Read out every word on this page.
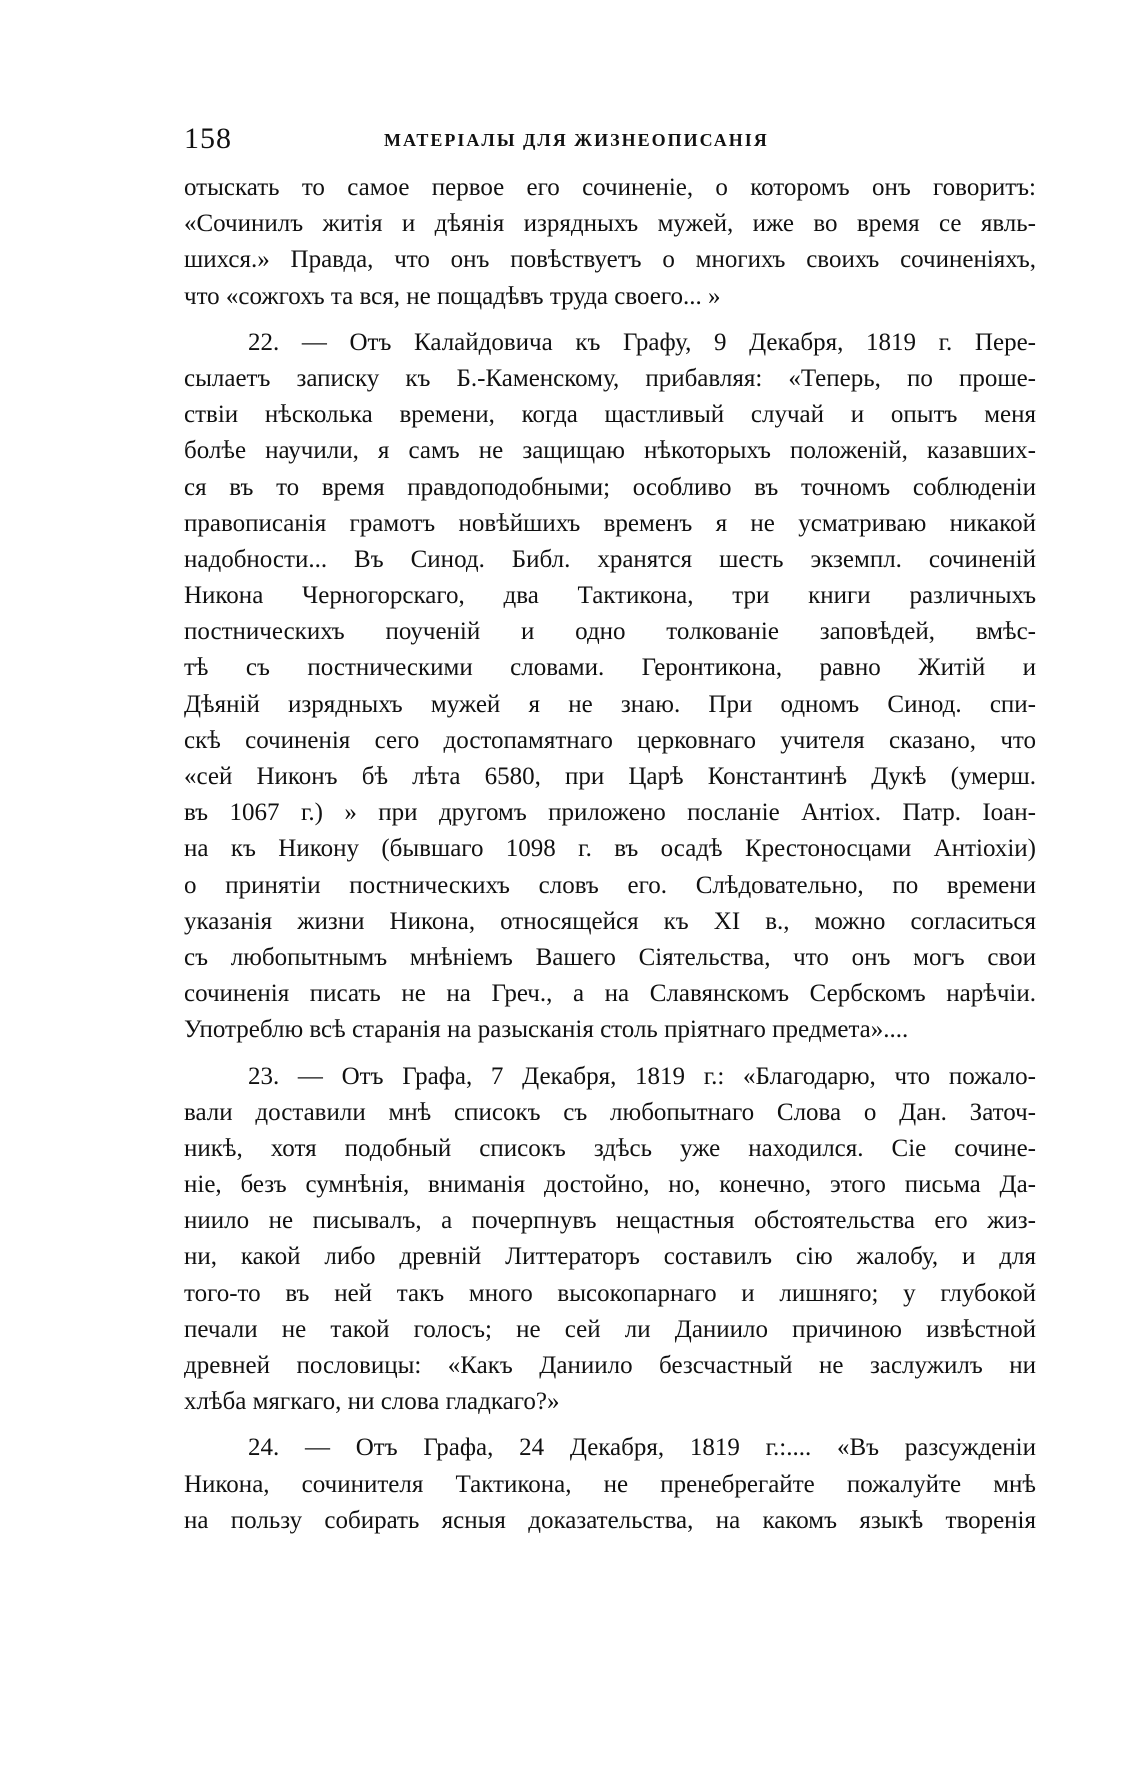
158	МАТЕРІАЛЫ ДЛЯ ЖИЗНЕОПИСАНІЯ
отыскать то самое первое его сочиненіе, о которомъ онъ говоритъ:
«Сочинилъ житія и дѣянія изрядныхъ мужей, иже во время се явль-
шихся.» Правда, что онъ повѣствуетъ о многихъ своихъ сочиненіяхъ,
что «сожгохъ та вся, не пощадѣвъ труда своего... »
22. — Отъ Калайдовича къ Графу, 9 Декабря, 1819 г. Пере-
сылаетъ записку къ Б.-Каменскому, прибавляя: «Теперь, по проше-
ствіи нѣсколька времени, когда щастливый случай и опытъ меня
болѣе научили, я самъ не защищаю нѣкоторыхъ положеній, казавших-
ся въ то время правдоподобными; особливо въ точномъ соблюденіи
правописанія грамотъ новѣйшихъ временъ я не усматриваю никакой
надобности... Въ Синод. Библ. хранятся шесть экземпл. сочиненій
Никона Черногорскаго, два Тактикона, три книги различныхъ
постническихъ поученій и одно толкованіе заповѣдей, вмѣс-
тѣ съ постническими словами. Геронтикона, равно Житій и
Дѣяній изрядныхъ мужей я не знаю. При одномъ Синод. спи-
скѣ сочиненія сего достопамятнаго церковнаго учителя сказано, что
«сей Никонъ бѣ лѣта 6580, при Царѣ Константинѣ Дукѣ (умерш.
въ 1067 г.) » при другомъ приложено посланіе Антіох. Патр. Іоан-
на къ Никону (бывшаго 1098 г. въ осадѣ Крестоносцами Антіохіи)
о принятіи постническихъ словъ его. Слѣдовательно, по времени
указанія жизни Никона, относящейся къ XI в., можно согласиться
съ любопытнымъ мнѣніемъ Вашего Сіятельства, что онъ могъ свои
сочиненія писать не на Греч., а на Славянскомъ Сербскомъ нарѣчіи.
Употреблю всѣ старанія на разысканія столь пріятнаго предмета»....
23. — Отъ Графа, 7 Декабря, 1819 г.: «Благодарю, что пожало-
вали доставили мнѣ списокъ съ любопытнаго Слова о Дан. Заточ-
никѣ, хотя подобный списокъ здѣсь уже находился. Сіе сочине-
ніе, безъ сумнѣнія, вниманія достойно, но, конечно, этого письма Да-
ниило не писывалъ, а почерпнувъ нещастныя обстоятельства его жиз-
ни, какой либо древній Литтераторъ составилъ сію жалобу, и для
того-то въ ней такъ много высокопарнаго и лишняго; у глубокой
печали не такой голосъ; не сей ли Даниило причиною извѣстной
древней пословицы: «Какъ Даниило безсчастный не заслужилъ ни
хлѣба мягкаго, ни слова гладкаго?»
24. — Отъ Графа, 24 Декабря, 1819 г.:.... «Въ разсужденіи
Никона, сочинителя Тактикона, не пренебрегайте пожалуйте мнѣ
на пользу собирать ясныя доказательства, на какомъ языкѣ творенія
